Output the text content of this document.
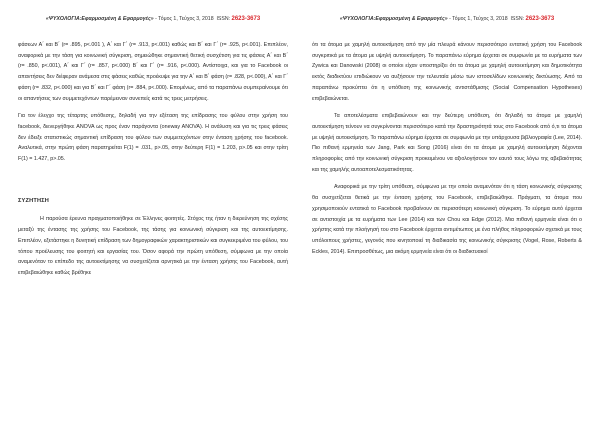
«ΨΥΧΟΛΟΓΙΑ:Εφαρμοσμένη & Εφαρμογές» - Τόμος 1, Τεύχος 3, 2018 ISSN: 2623-3673

φάσεων Α΄ και Β΄ (r= .895, p<.001 ), Α΄ και Γ΄ (r= .913, p<.001) καθώς και Β΄ και Γ΄ (r= .925, p<.001). Επιπλέον, αναφορικά με την τάση για κοινωνική σύγκριση, σημειώθηκε σημαντική θετική συσχέτιση για τις φάσεις Α΄ και Β΄ (r= .850, p<.001), Α΄ και Γ΄ (r= .857, p<.000) Β΄ και Γ΄ (r= .916, p<.000). Αντίστοιχα, και για το Facebook οι απαντήσεις δεν διέφεραν ανάμεσα στις φάσεις καθώς προέκυψε για την Α΄ και Β΄ φάση (r= .828, p<.000), Α΄ και Γ΄ φάση (r= .832, p<.000) και για Β΄ και Γ΄ φάση (r= .884, p<.000). Επομένως, από τα παραπάνω συμπεραίνουμε ότι οι απαντήσεις των συμμετεχόντων παρέμειναν συνεπείς κατά τις τρεις μετρήσεις.

Για τον έλεγχο της τέταρτης υπόθεσης, δηλαδή για την εξέταση της επίδρασης του φύλου στην χρήση του facebook, διενεργήθηκε ANOVA ως προς έναν παράγοντα (oneway ANOVA). Η ανάλυση και για τις τρεις φάσεις δεν έδειξε στατιστικώς σημαντική επίδραση του φύλου των συμμετεχόντων στην ένταση χρήσης του facebook. Αναλυτικά, στην πρώτη φάση παρατηρείται F(1) = .031, p>.05, στην δεύτερη F(1) = 1.203, p>.05 και στην τρίτη F(1) = 1.427, p>.05.

ΣΥΖΗΤΗΣΗ

Η παρούσα έρευνα πραγματοποιήθηκε σε Έλληνες φοιτητές. Στόχος της ήταν η διερεύνηση της σχέσης μεταξύ της έντασης της χρήσης του Facebook, της τάσης για κοινωνική σύγκριση και της αυτοεκτίμησης. Επιπλέον, εξετάστηκε η δυνητική επίδραση των δημογραφικών χαρακτηριστικών και συγκεκριμένα του φύλου, του τόπου προέλευσης του φοιτητή και εργασίας του. Όσον αφορά την πρώτη υπόθεση, σύμφωνα με την οποία αναμενόταν το επίπεδο της αυτοεκτίμησης να συσχετίζεται αρνητικά με την ένταση χρήσης του Facebook, αυτή επιβεβαιώθηκε καθώς βρέθηκε

«ΨΥΧΟΛΟΓΙΑ:Εφαρμοσμένη & Εφαρμογές» - Τόμος 1, Τεύχος 3, 2018 ISSN: 2623-3673

ότι τα άτομα με χαμηλή αυτοεκτίμηση από την μία πλευρά κάνουν περισσότερο εντατική χρήση του Facebook συγκριτικά με τα άτομα με υψηλή αυτοεκτίμηση. Το παραπάνω εύρημα έρχεται σε συμφωνία με τα ευρήματα των Zywica και Danowski (2008) οι οποίοι είχαν υποστηρίξει ότι τα άτομα με χαμηλή αυτοεκτίμηση και δημοτικότητα εκτός διαδικτύου επιδιώκουν να αυξήσουν την τελευταία μέσω των ιστοσελίδων κοινωνικής δικτύωσης. Από τα παραπάνω προκύπτει ότι η υπόθεση της κοινωνικής αντιστάθμισης (Social Compensation Hypotheses) επιβεβαιώνεται.

Τα αποτελέσματα επιβεβαιώνουν και την δεύτερη υπόθεση, ότι δηλαδή τα άτομα με χαμηλή αυτοεκτίμηση τείνουν να συγκρίνονται περισσότερο κατά την δραστηριότητά τους στο Facebook από ό,τι τα άτομα με υψηλή αυτοεκτίμηση. Το παραπάνω εύρημα έρχεται σε συμφωνία με την υπάρχουσα βιβλιογραφία (Lee, 2014). Πιο πιθανή ερμηνεία των Jang, Park και Song (2016) είναι ότι τα άτομα με χαμηλή αυτοεκτίμηση δέχονται πληροφορίες από την κοινωνική σύγκριση προκειμένου να αξιολογήσουν τον εαυτό τους λόγω της αβεβαιότητας και της χαμηλής αυτοαποτελεσματικότητας.

Αναφορικά με την τρίτη υπόθεση, σύμφωνα με την οποία αναμενόταν ότι η τάση κοινωνικής σύγκρισης θα συσχετίζεται θετικά με την ένταση χρήσης του Facebook, επιβεβαιώθηκε. Πράγματι, τα άτομα που χρησιμοποιούν εντατικά το Facebook προβαίνουν σε περισσότερη κοινωνική σύγκριση. Το εύρημα αυτό έρχεται σε αντιστοιχία με τα ευρήματα των Lee (2014) και των Chou και Edge (2012). Μια πιθανή ερμηνεία είναι ότι ο χρήστης κατά την πλοήγησή του στο Facebook έρχεται αντιμέτωπος με ένα πλήθος πληροφοριών σχετικά με τους υπόλοιπους χρήστες, γεγονός που κινητοποιεί τη διαδικασία της κοινωνικής σύγκρισης (Vogel, Rose, Roberts & Eckles, 2014). Επιπροσθέτως, μια ακόμη ερμηνεία είναι ότι οι διαδικτυακοί
